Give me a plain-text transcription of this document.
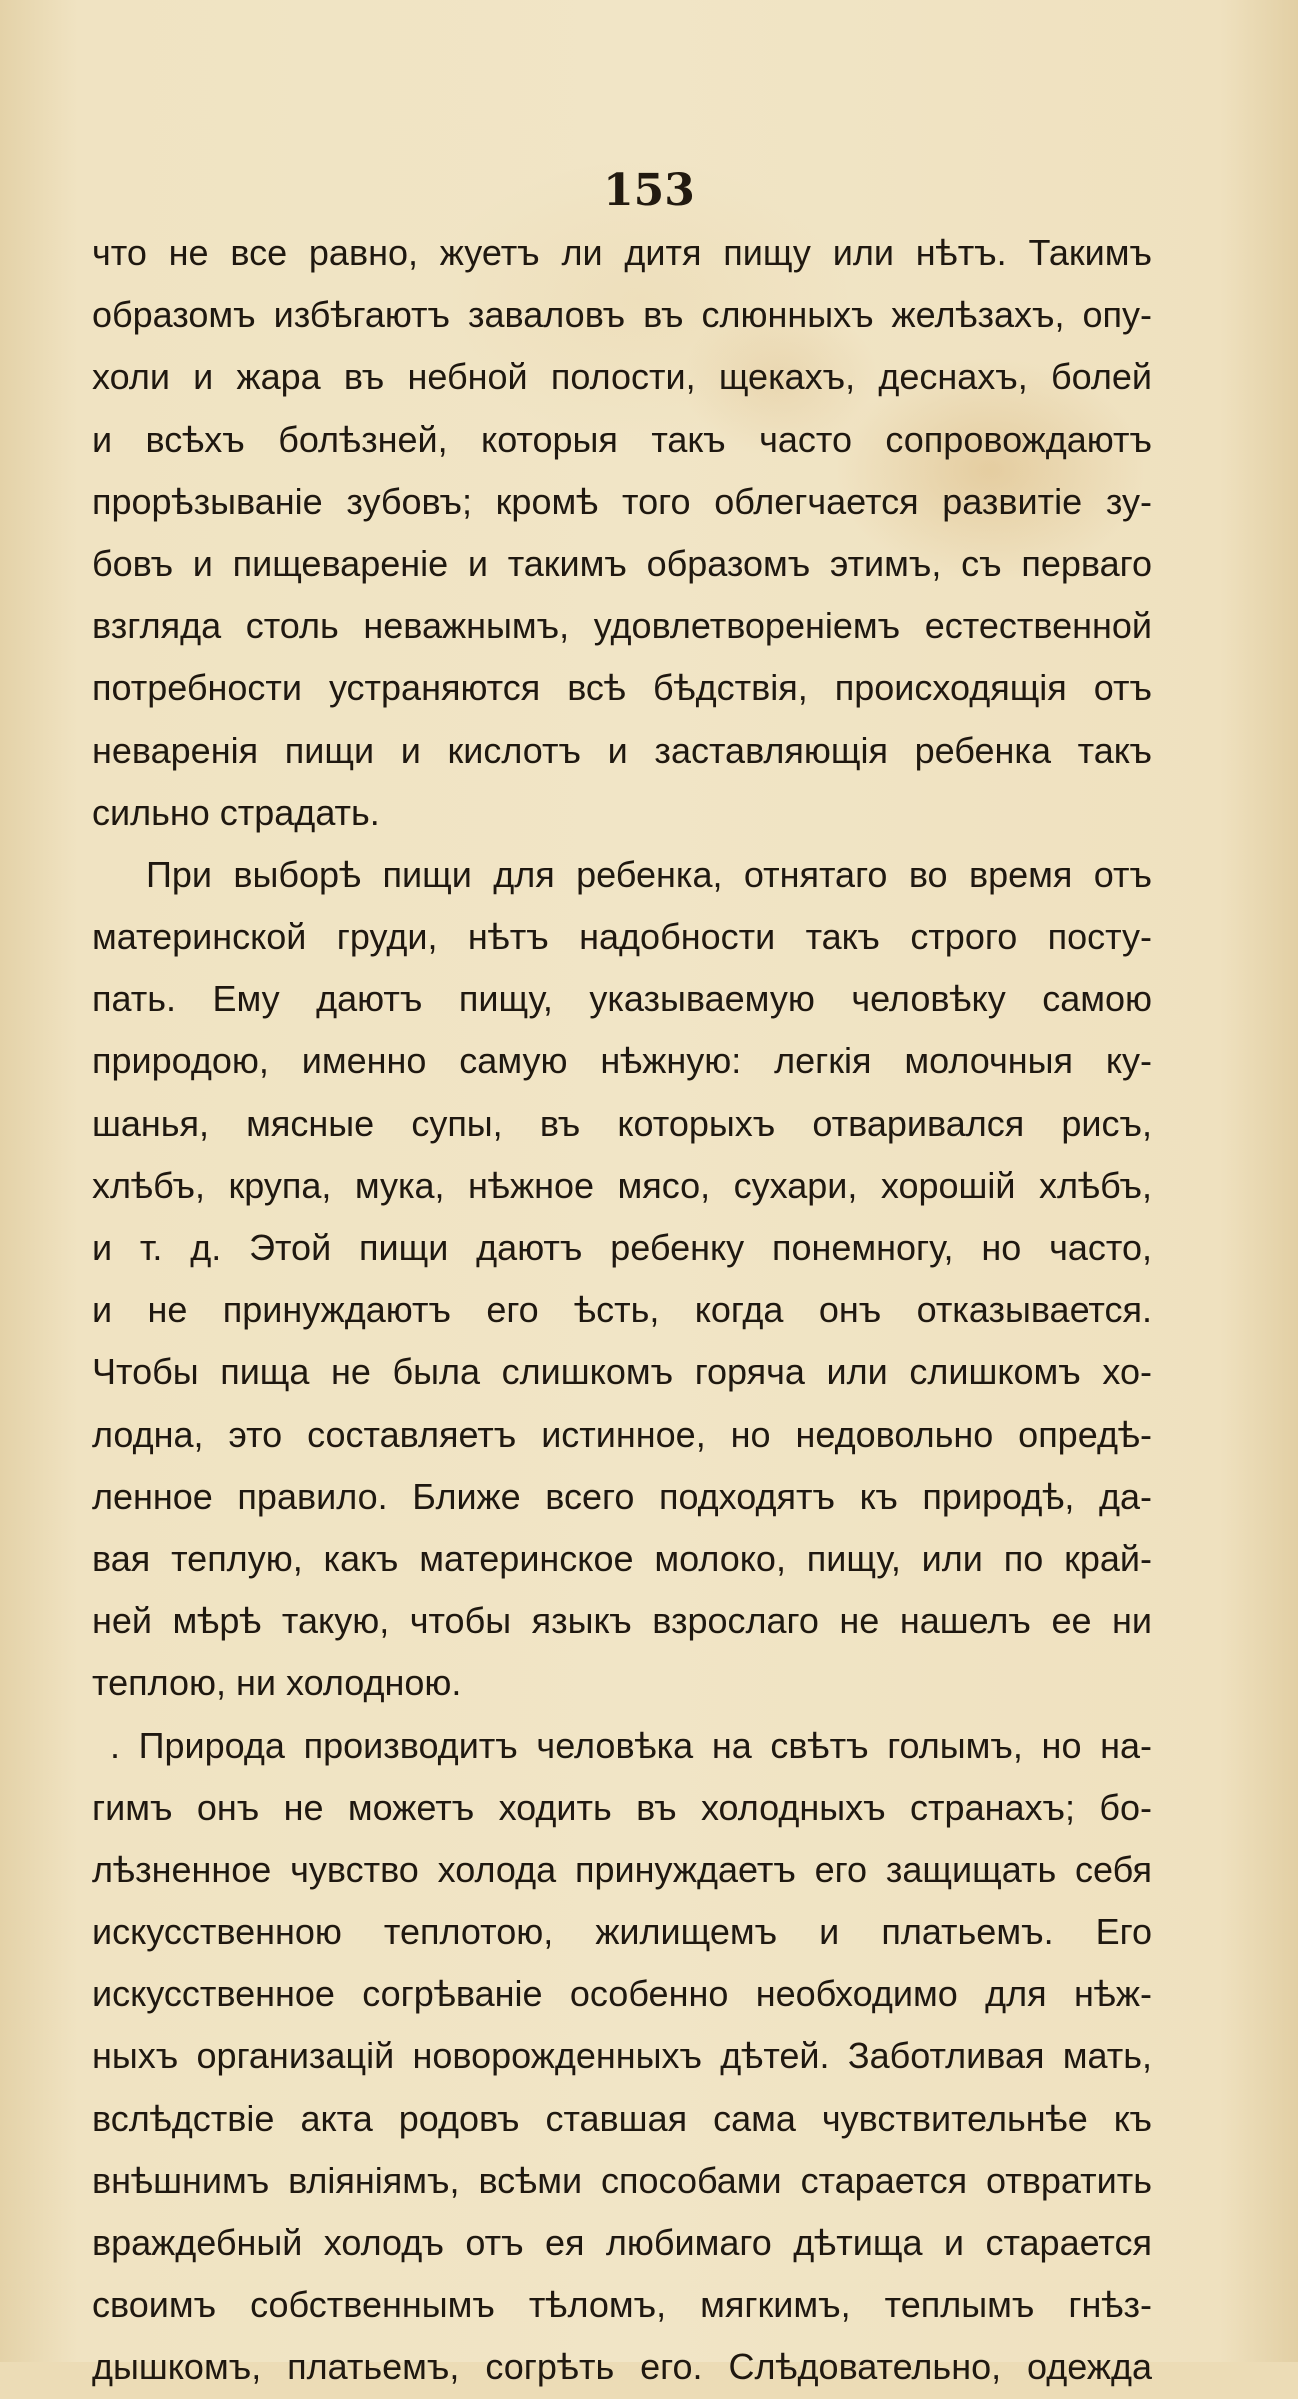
153

что не все равно, жуетъ ли дитя пищу или нѣтъ. Такимъ
образомъ избѣгаютъ заваловъ въ слюнныхъ желѣзахъ, опу-
холи и жара въ небной полости, щекахъ, деснахъ, болей
и всѣхъ болѣзней, которыя такъ часто сопровождаютъ
прорѣзываніе зубовъ; кромѣ того облегчается развитіе зу-
бовъ и пищевареніе и такимъ образомъ этимъ, съ перваго
взгляда столь неважнымъ, удовлетвореніемъ естественной
потребности устраняются всѣ бѣдствія, происходящія отъ
неваренія пищи и кислотъ и заставляющія ребенка такъ
сильно страдать.
При выборѣ пищи для ребенка, отнятаго во время отъ
материнской груди, нѣтъ надобности такъ строго посту-
пать. Ему даютъ пищу, указываемую человѣку самою
природою, именно самую нѣжную: легкія молочныя ку-
шанья, мясные супы, въ которыхъ отваривался рисъ,
хлѣбъ, крупа, мука, нѣжное мясо, сухари, хорошій хлѣбъ,
и т. д. Этой пищи даютъ ребенку понемногу, но часто,
и не принуждаютъ его ѣсть, когда онъ отказывается.
Чтобы пища не была слишкомъ горяча или слишкомъ хо-
лодна, это составляетъ истинное, но недовольно опредѣ-
ленное правило. Ближе всего подходятъ къ природѣ, да-
вая теплую, какъ материнское молоко, пищу, или по край-
ней мѣрѣ такую, чтобы языкъ взрослаго не нашелъ ее ни
теплою, ни холодною.
. Природа производитъ человѣка на свѣтъ голымъ, но на-
гимъ онъ не можетъ ходить въ холодныхъ странахъ; бо-
лѣзненное чувство холода принуждаетъ его защищать себя
искусственною теплотою, жилищемъ и платьемъ. Его
искусственное согрѣваніе особенно необходимо для нѣж-
ныхъ организацій новорожденныхъ дѣтей. Заботливая мать,
вслѣдствіе акта родовъ ставшая сама чувствительнѣе къ
внѣшнимъ вліяніямъ, всѣми способами старается отвратить
враждебный холодъ отъ ея любимаго дѣтища и старается
своимъ собственнымъ тѣломъ, мягкимъ, теплымъ гнѣз-
дышкомъ, платьемъ, согрѣть его. Слѣдовательно, одежда
